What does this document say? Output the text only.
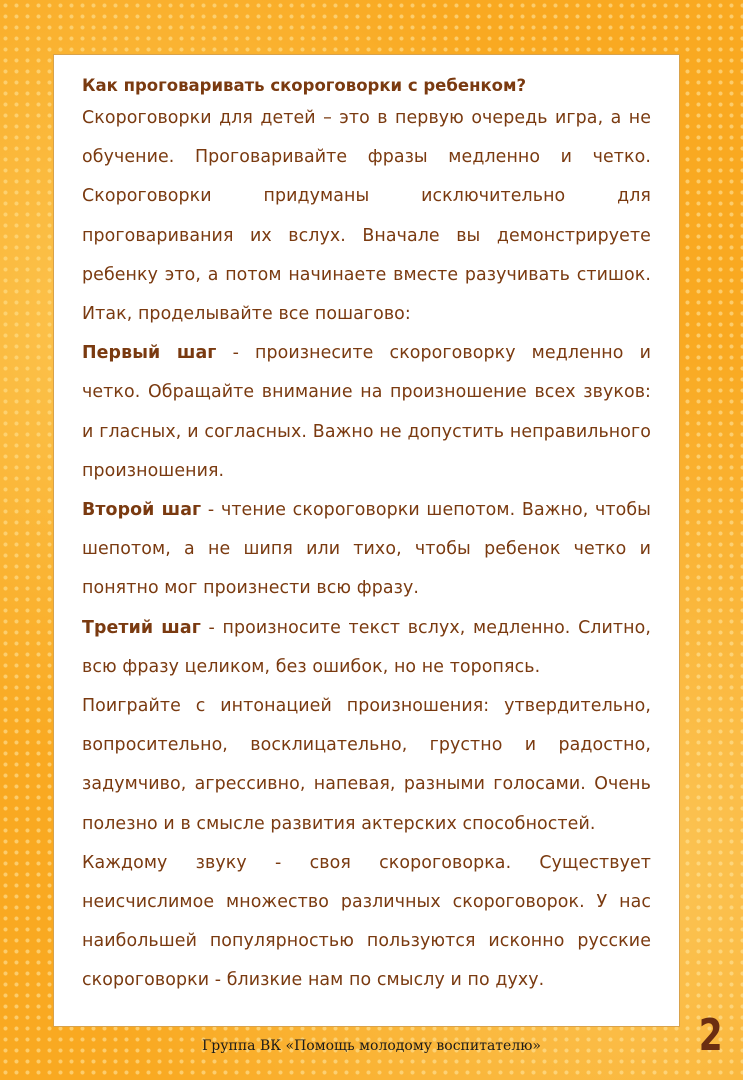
Как проговаривать скороговорки с ребенком?

Скороговорки для детей – это в первую очередь игра, а не обучение. Проговаривайте фразы медленно и четко. Скороговорки придуманы исключительно для проговаривания их вслух. Вначале вы демонстрируете ребенку это, а потом начинаете вместе разучивать стишок. Итак, проделывайте все пошагово:

Первый шаг - произнесите скороговорку медленно и четко. Обращайте внимание на произношение всех звуков: и гласных, и согласных. Важно не допустить неправильного произношения.

Второй шаг - чтение скороговорки шепотом. Важно, чтобы шепотом, а не шипя или тихо, чтобы ребенок четко и понятно мог произнести всю фразу.

Третий шаг - произносите текст вслух, медленно. Слитно, всю фразу целиком, без ошибок, но не торопясь.

Поиграйте с интонацией произношения: утвердительно, вопросительно, восклицательно, грустно и радостно, задумчиво, агрессивно, напевая, разными голосами. Очень полезно и в смысле развития актерских способностей.

Каждому звуку - своя скороговорка. Существует неисчислимое множество различных скороговорок. У нас наибольшей популярностью пользуются исконно русские скороговорки - близкие нам по смыслу и по духу.

Группа ВК «Помощь молодому воспитателю»	2
